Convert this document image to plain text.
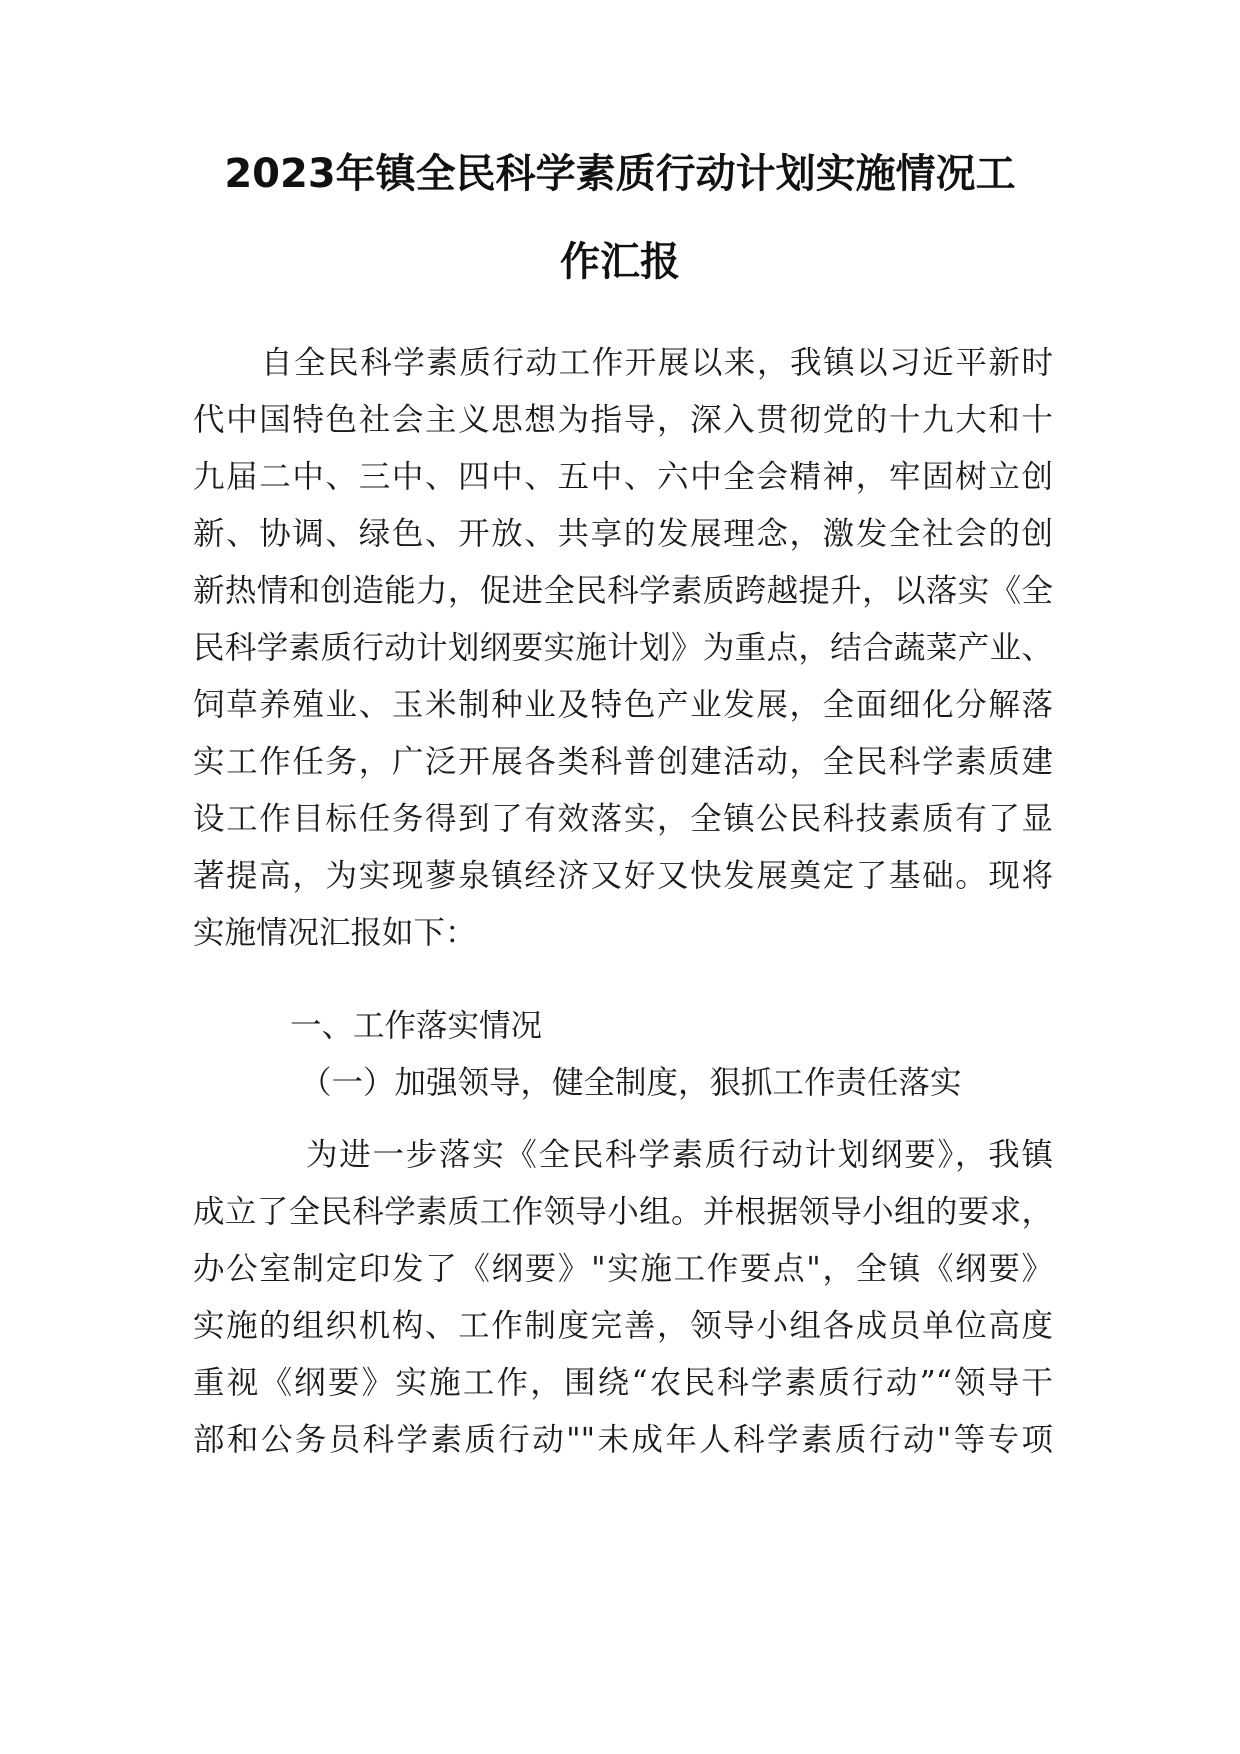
2023年镇全民科学素质行动计划实施情况工
作汇报
自全民科学素质行动工作开展以来，我镇以习近平新时
代中国特色社会主义思想为指导，深入贯彻党的十九大和十
九届二中、三中、四中、五中、六中全会精神，牢固树立创
新、协调、绿色、开放、共享的发展理念，激发全社会的创
新热情和创造能力，促进全民科学素质跨越提升，以落实《全
民科学素质行动计划纲要实施计划》为重点，结合蔬菜产业、
饲草养殖业、玉米制种业及特色产业发展，全面细化分解落
实工作任务，广泛开展各类科普创建活动，全民科学素质建
设工作目标任务得到了有效落实，全镇公民科技素质有了显
著提高，为实现蓼泉镇经济又好又快发展奠定了基础。现将
实施情况汇报如下：
一、工作落实情况
（一）加强领导，健全制度，狠抓工作责任落实
为进一步落实《全民科学素质行动计划纲要》，我镇
成立了全民科学素质工作领导小组。并根据领导小组的要求，
办公室制定印发了《纲要》"实施工作要点"，全镇《纲要》
实施的组织机构、工作制度完善，领导小组各成员单位高度
重视《纲要》实施工作，围绕“农民科学素质行动”“领导干
部和公务员科学素质行动""未成年人科学素质行动"等专项
